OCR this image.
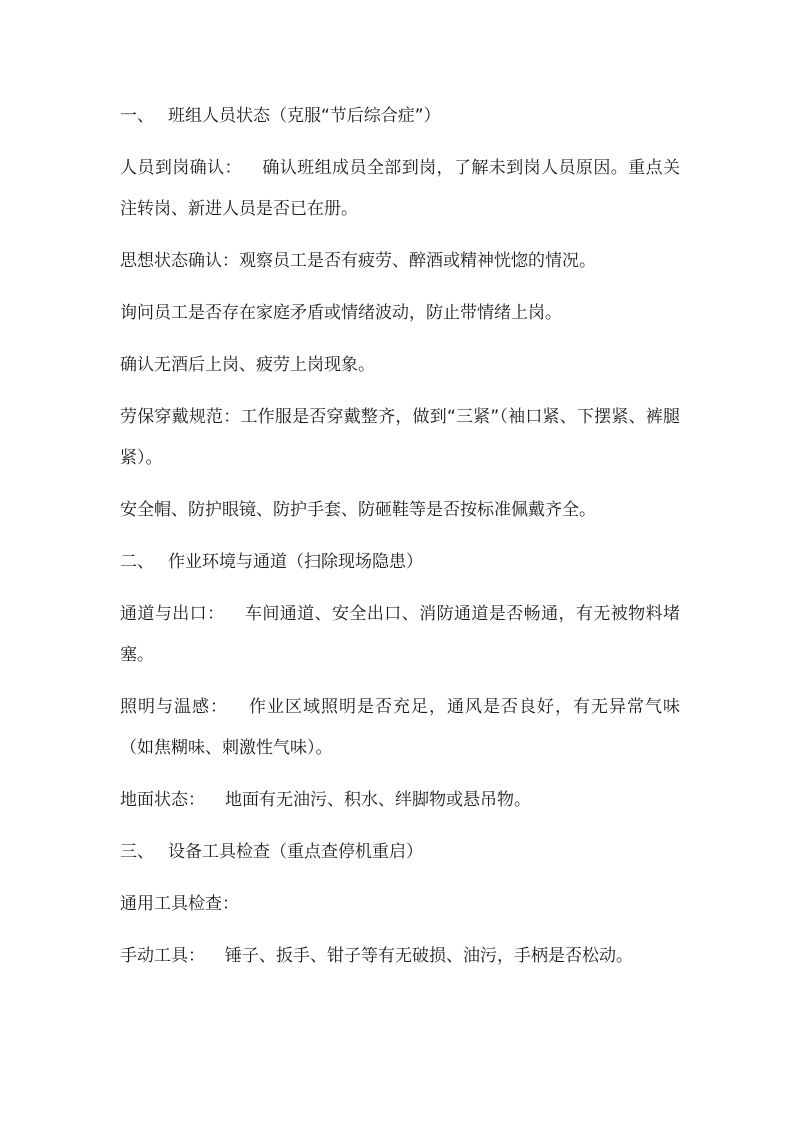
一、 班组人员状态（克服“节后综合症”）

人员到岗确认： 确认班组成员全部到岗，了解未到岗人员原因。重点关注转岗、新进人员是否已在册。

思想状态确认：观察员工是否有疲劳、醉酒或精神恍惚的情况。

询问员工是否存在家庭矛盾或情绪波动，防止带情绪上岗。

确认无酒后上岗、疲劳上岗现象。

劳保穿戴规范：工作服是否穿戴整齐，做到“三紧”（袖口紧、下摆紧、裤腿紧）。

安全帽、防护眼镜、防护手套、防砸鞋等是否按标准佩戴齐全。

二、 作业环境与通道（扫除现场隐患）

通道与出口： 车间通道、安全出口、消防通道是否畅通，有无被物料堵塞。

照明与温感： 作业区域照明是否充足，通风是否良好，有无异常气味（如焦糊味、刺激性气味）。

地面状态： 地面有无油污、积水、绊脚物或悬吊物。

三、 设备工具检查（重点查停机重启）

通用工具检查：

手动工具： 锤子、扳手、钳子等有无破损、油污，手柄是否松动。
